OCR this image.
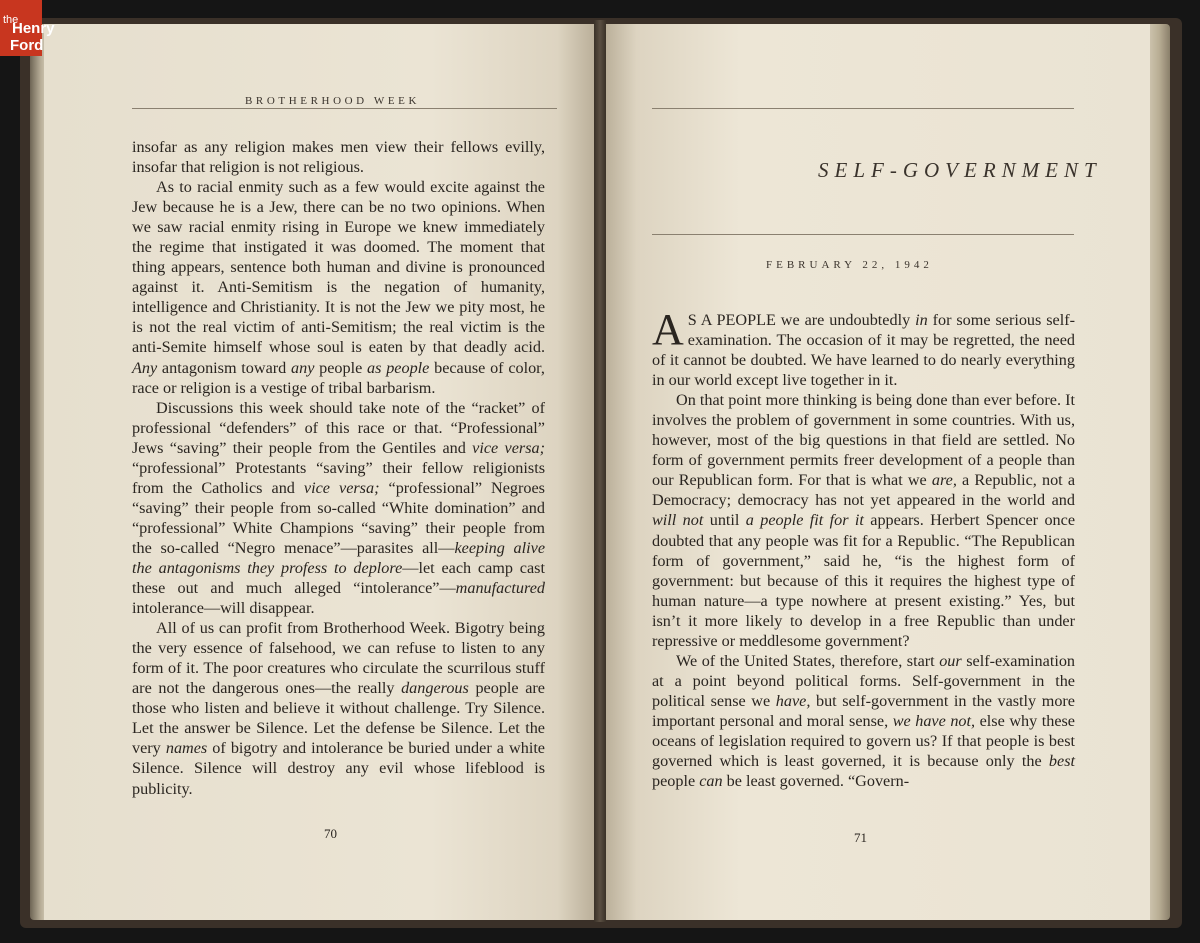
the
Henry
Ford
BROTHERHOOD WEEK

insofar as any religion makes men view their fellows evilly, insofar that religion is not religious.

As to racial enmity such as a few would excite against the Jew because he is a Jew, there can be no two opinions. When we saw racial enmity rising in Europe we knew immediately the regime that instigated it was doomed. The moment that thing appears, sentence both human and divine is pronounced against it. Anti-Semitism is the negation of humanity, intelligence and Christianity. It is not the Jew we pity most, he is not the real victim of anti-Semitism; the real victim is the anti-Semite himself whose soul is eaten by that deadly acid. Any antagonism toward any people as people because of color, race or religion is a vestige of tribal barbarism.

Discussions this week should take note of the “racket” of professional “defenders” of this race or that. “Professional” Jews “saving” their people from the Gentiles and vice versa; “professional” Protestants “saving” their fellow religionists from the Catholics and vice versa; “professional” Negroes “saving” their people from so-called “White domination” and “professional” White Champions “saving” their people from the so-called “Negro menace”—parasites all—keeping alive the antagonisms they profess to deplore—let each camp cast these out and much alleged “intolerance”—manufactured intolerance—will disappear.

All of us can profit from Brotherhood Week. Bigotry being the very essence of falsehood, we can refuse to listen to any form of it. The poor creatures who circulate the scurrilous stuff are not the dangerous ones—the really dangerous people are those who listen and believe it without challenge. Try Silence. Let the answer be Silence. Let the defense be Silence. Let the very names of bigotry and intolerance be buried under a white Silence. Silence will destroy any evil whose lifeblood is publicity.

70
SELF-GOVERNMENT
FEBRUARY 22, 1942

A S A PEOPLE we are undoubtedly in for some serious self-examination. The occasion of it may be regretted, the need of it cannot be doubted. We have learned to do nearly everything in our world except live together in it.

On that point more thinking is being done than ever before. It involves the problem of government in some countries. With us, however, most of the big questions in that field are settled. No form of government permits freer development of a people than our Republican form. For that is what we are, a Republic, not a Democracy; democracy has not yet appeared in the world and will not until a people fit for it appears. Herbert Spencer once doubted that any people was fit for a Republic. “The Republican form of government,” said he, “is the highest form of government: but because of this it requires the highest type of human nature—a type nowhere at present existing.” Yes, but isn’t it more likely to develop in a free Republic than under repressive or meddlesome government?

We of the United States, therefore, start our self-examination at a point beyond political forms. Self-government in the political sense we have, but self-government in the vastly more important personal and moral sense, we have not, else why these oceans of legislation required to govern us? If that people is best governed which is least governed, it is because only the best people can be least governed. “Govern-

71
